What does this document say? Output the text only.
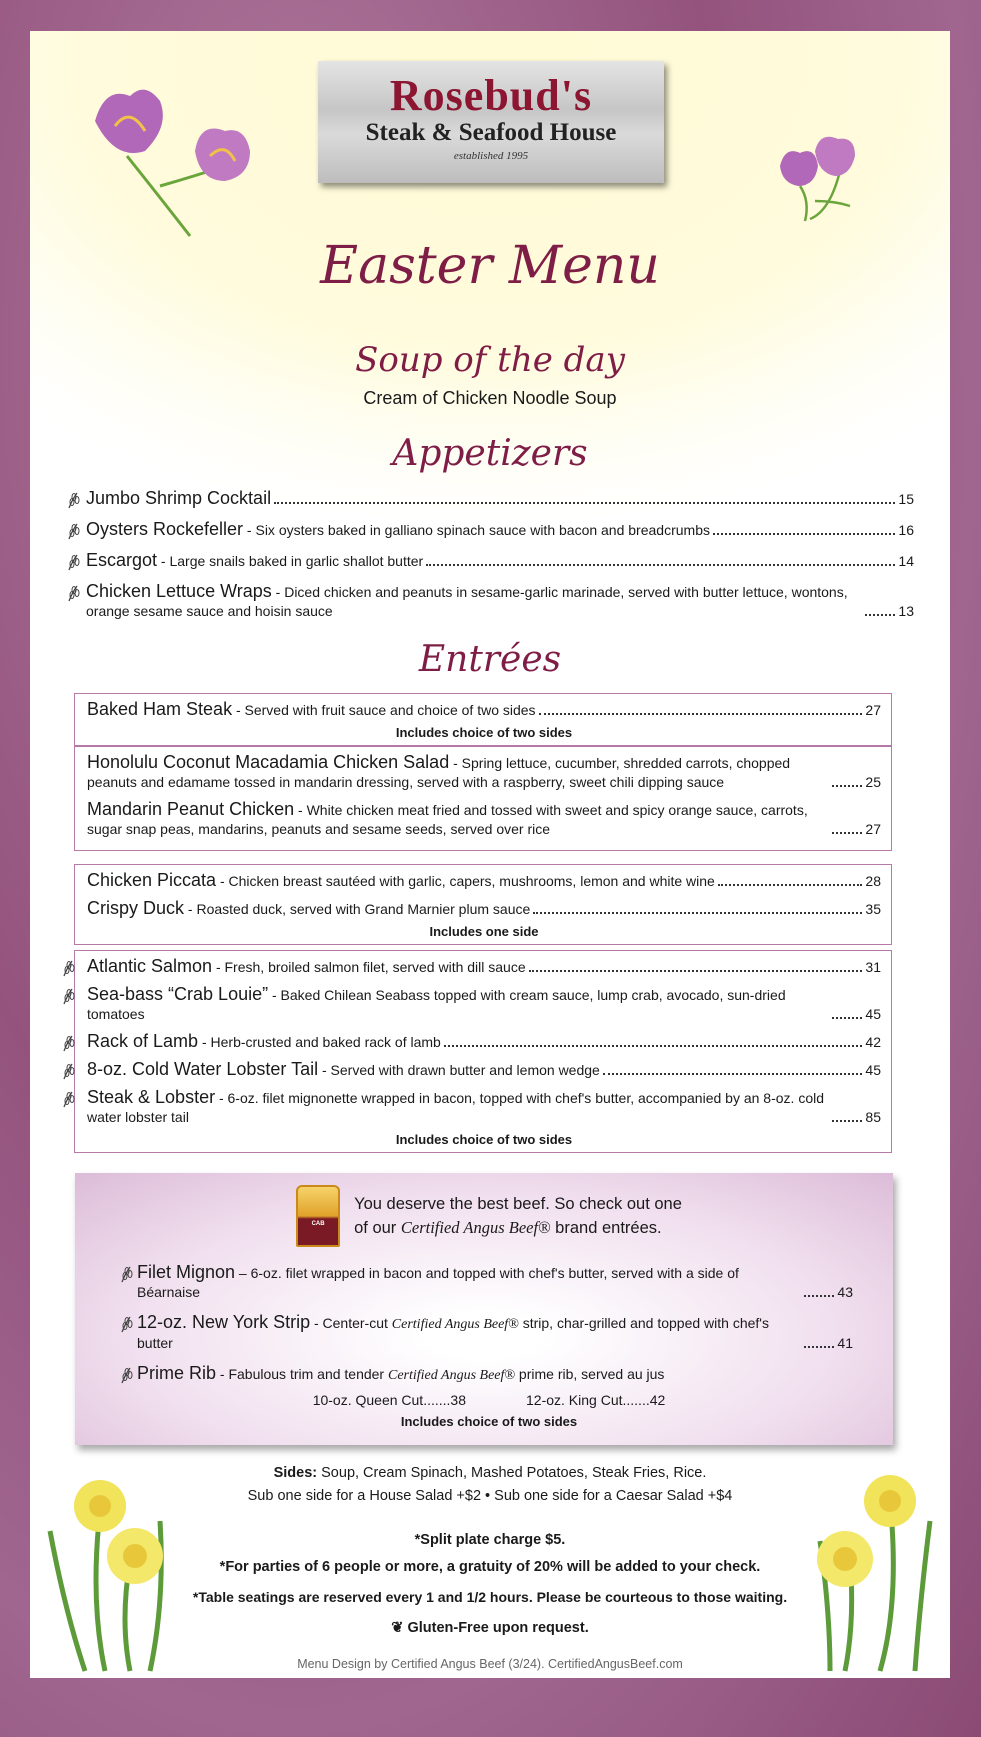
Rosebud's
Steak & Seafood House
established 1995
Easter Menu
Soup of the day
Cream of Chicken Noodle Soup
Appetizers
Jumbo Shrimp Cocktail	15
Oysters Rockefeller - Six oysters baked in galliano spinach sauce with bacon and breadcrumbs	16
Escargot - Large snails baked in garlic shallot butter	14
Chicken Lettuce Wraps - Diced chicken and peanuts in sesame-garlic marinade, served with butter lettuce, wontons, orange sesame sauce and hoisin sauce	13
Entrées
Baked Ham Steak - Served with fruit sauce and choice of two sides	27
Includes choice of two sides
Honolulu Coconut Macadamia Chicken Salad - Spring lettuce, cucumber, shredded carrots, chopped peanuts and edamame tossed in mandarin dressing, served with a raspberry, sweet chili dipping sauce	25
Mandarin Peanut Chicken - White chicken meat fried and tossed with sweet and spicy orange sauce, carrots, sugar snap peas, mandarins, peanuts and sesame seeds, served over rice	27
Chicken Piccata - Chicken breast sautéed with garlic, capers, mushrooms, lemon and white wine	28
Crispy Duck - Roasted duck, served with Grand Marnier plum sauce	35
Includes one side
Atlantic Salmon - Fresh, broiled salmon filet, served with dill sauce	31
Sea-bass “Crab Louie” - Baked Chilean Seabass topped with cream sauce, lump crab, avocado, sun-dried tomatoes	45
Rack of Lamb - Herb-crusted and baked rack of lamb	42
8-oz. Cold Water Lobster Tail - Served with drawn butter and lemon wedge	45
Steak & Lobster - 6-oz. filet mignonette wrapped in bacon, topped with chef's butter, accompanied by an 8-oz. cold water lobster tail	85
Includes choice of two sides
CAB
You deserve the best beef. So check out one
of our Certified Angus Beef® brand entrées.
Filet Mignon – 6-oz. filet wrapped in bacon and topped with chef's butter, served with a side of Béarnaise	43
12-oz. New York Strip - Center-cut Certified Angus Beef® strip, char-grilled and topped with chef's butter	41
Prime Rib - Fabulous trim and tender Certified Angus Beef® prime rib, served au jus
10-oz. Queen Cut.......38	12-oz. King Cut.......42
Includes choice of two sides
Sides: Soup, Cream Spinach, Mashed Potatoes, Steak Fries, Rice.
Sub one side for a House Salad +$2 • Sub one side for a Caesar Salad +$4
*Split plate charge $5.
*For parties of 6 people or more, a gratuity of 20% will be added to your check.
*Table seatings are reserved every 1 and 1/2 hours. Please be courteous to those waiting.
❦ Gluten-Free upon request.
Menu Design by Certified Angus Beef (3/24). CertifiedAngusBeef.com
